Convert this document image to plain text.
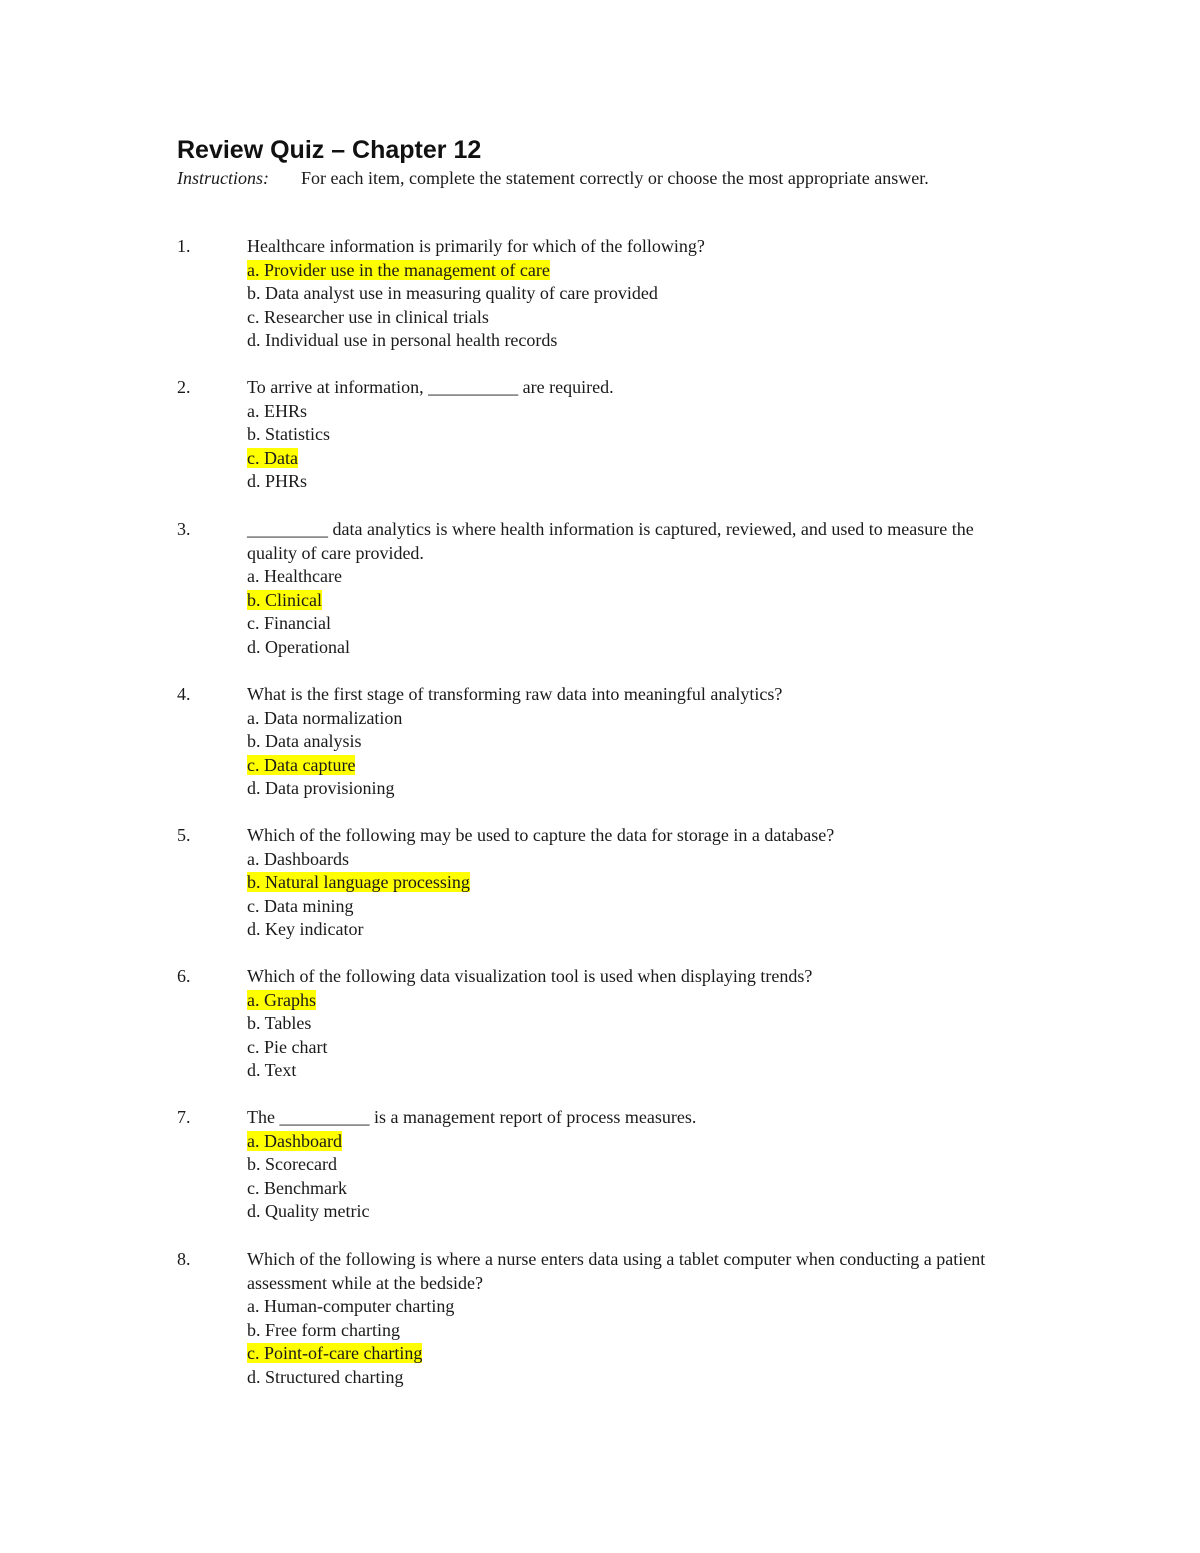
Review Quiz – Chapter 12
Instructions: For each item, complete the statement correctly or choose the most appropriate answer.
1.	Healthcare information is primarily for which of the following?

a. Provider use in the management of care
b. Data analyst use in measuring quality of care provided
c. Researcher use in clinical trials
d. Individual use in personal health records
2.	To arrive at information, __________ are required.

a. EHRs
b. Statistics
c. Data
d. PHRs
3.	_________ data analytics is where health information is captured, reviewed, and used to measure the quality of care provided.

a. Healthcare
b. Clinical
c. Financial
d. Operational
4.	What is the first stage of transforming raw data into meaningful analytics?

a. Data normalization
b. Data analysis
c. Data capture
d. Data provisioning
5.	Which of the following may be used to capture the data for storage in a database?

a. Dashboards
b. Natural language processing
c. Data mining
d. Key indicator
6.	Which of the following data visualization tool is used when displaying trends?

a. Graphs
b. Tables
c. Pie chart
d. Text
7.	The __________ is a management report of process measures.

a. Dashboard
b. Scorecard
c. Benchmark
d. Quality metric
8.	Which of the following is where a nurse enters data using a tablet computer when conducting a patient assessment while at the bedside?

a. Human-computer charting
b. Free form charting
c. Point-of-care charting
d. Structured charting
